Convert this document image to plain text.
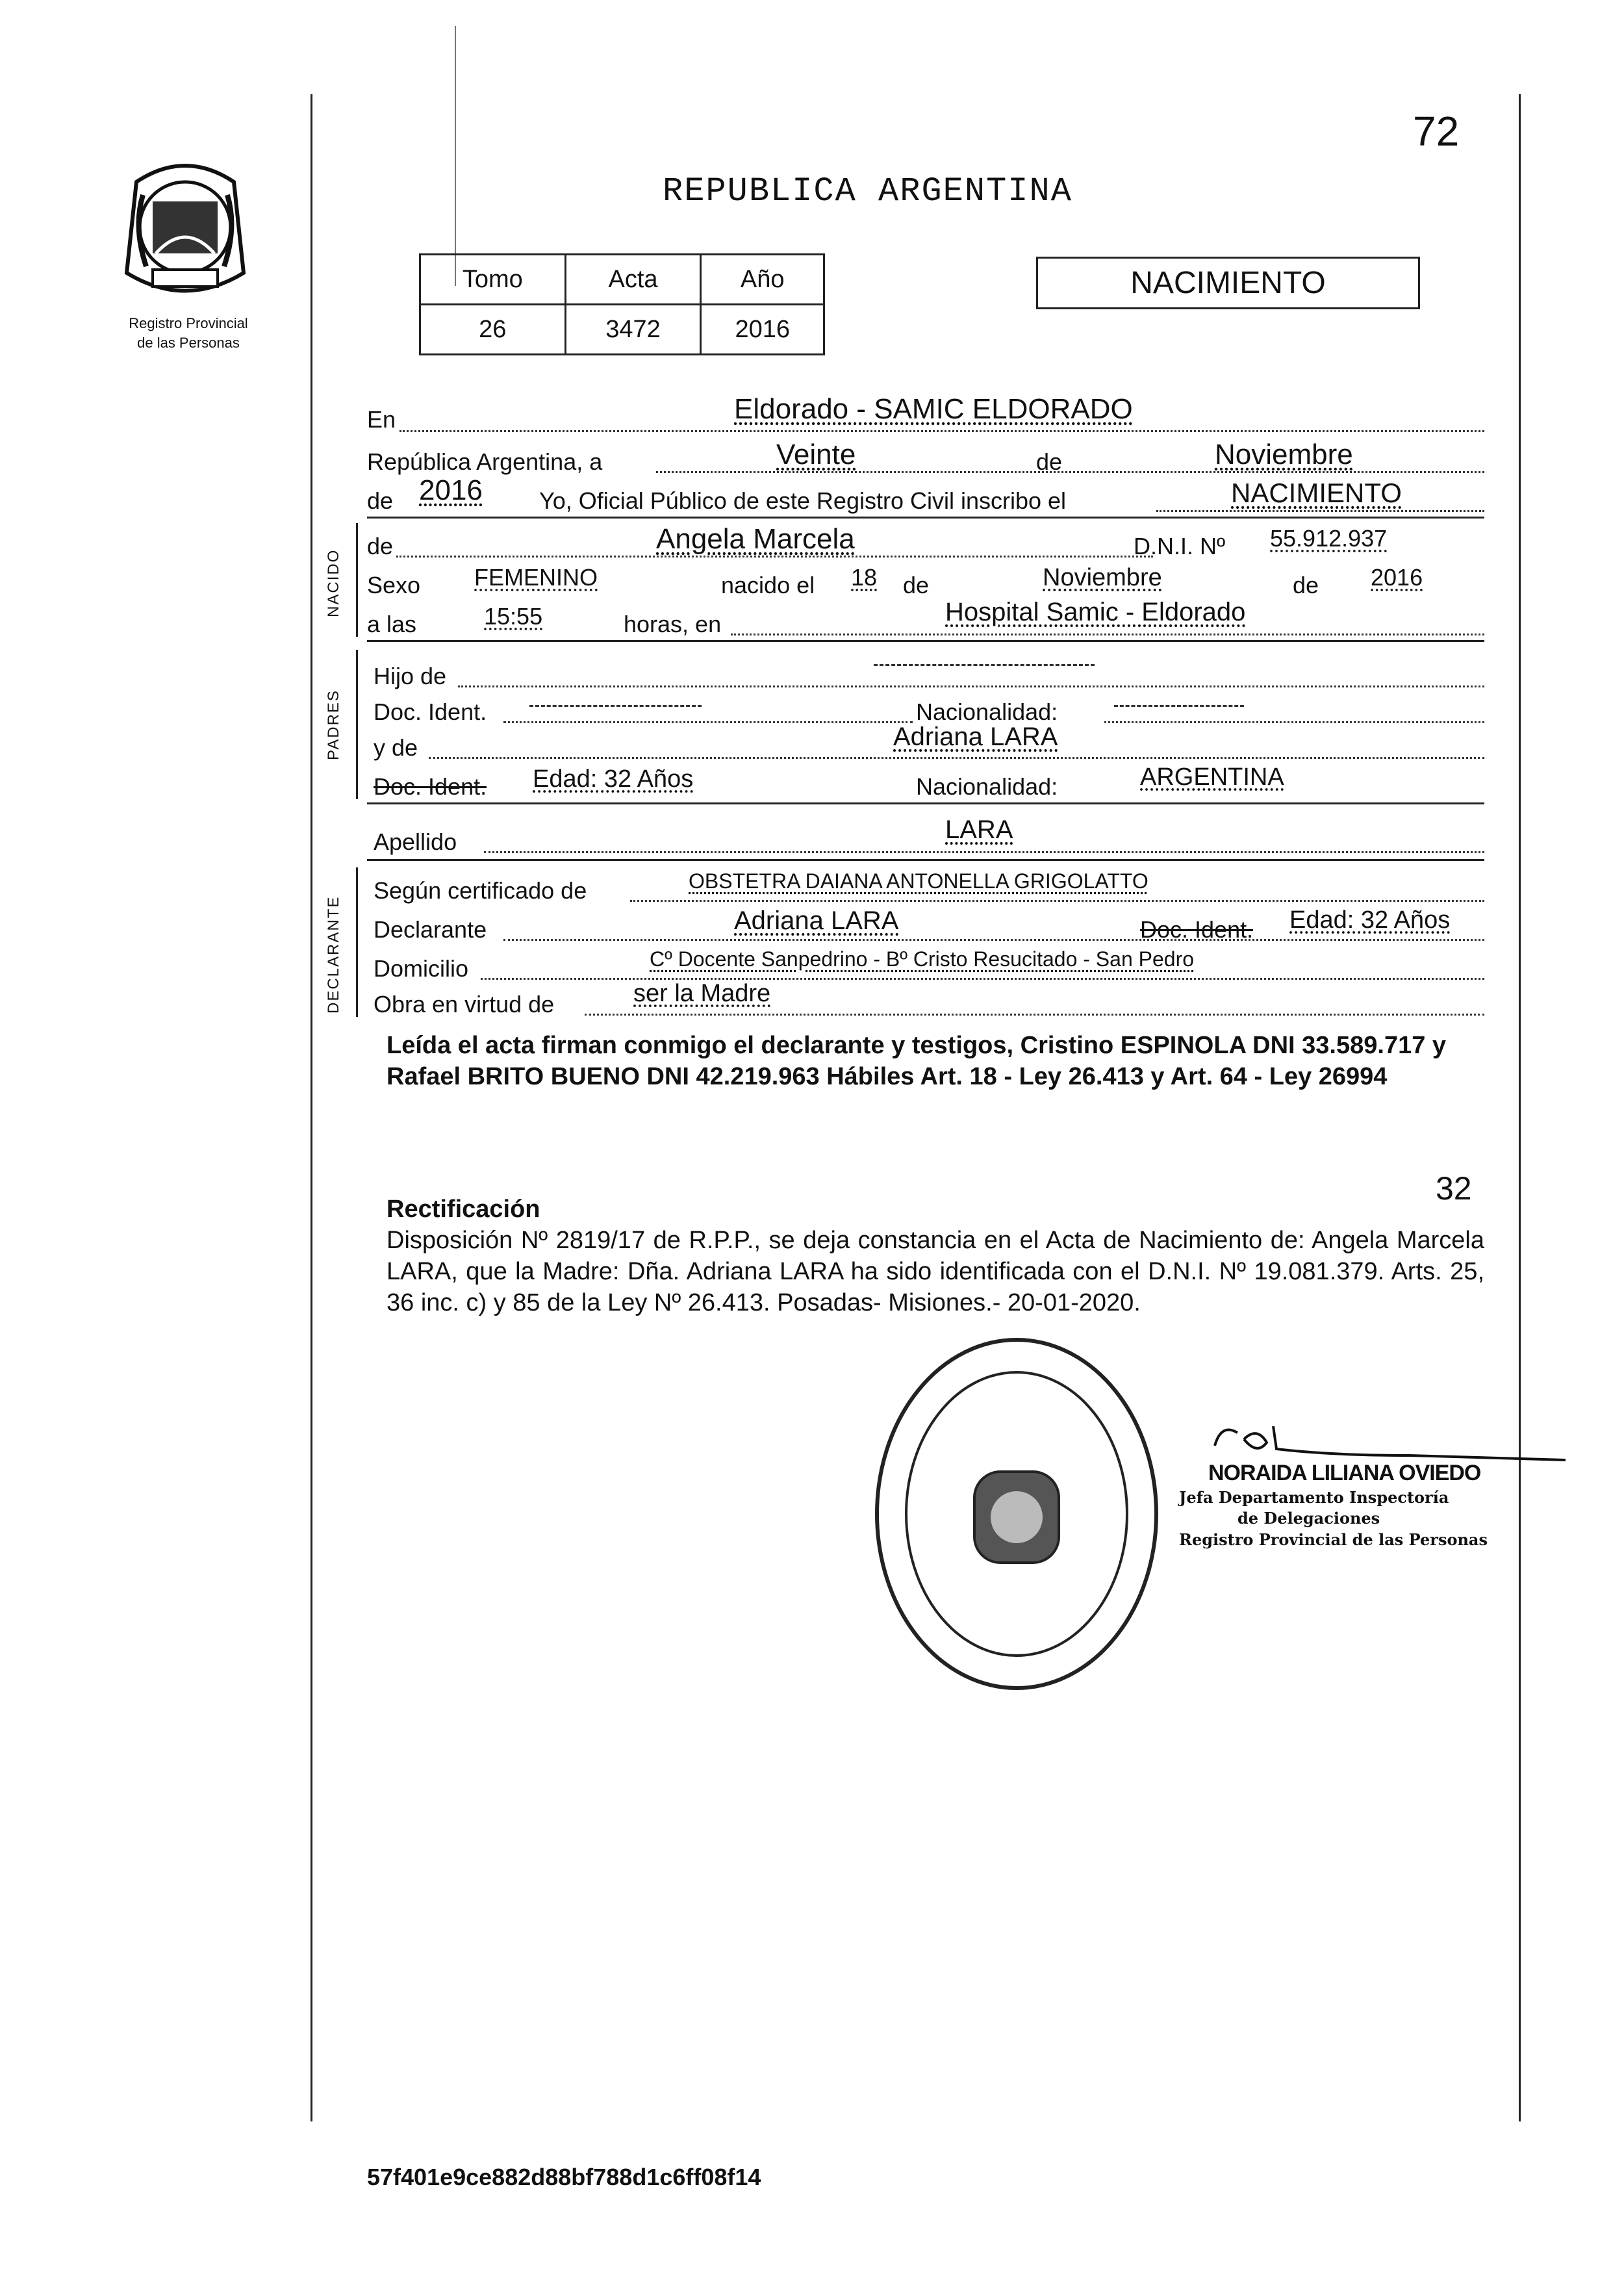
Registro Provincial
de las Personas
72
REPUBLICA ARGENTINA
Tomo	Acta	Año
26	3472	2016
NACIMIENTO
En	Eldorado - SAMIC ELDORADO
República Argentina, a	Veinte	de	Noviembre
de 2016 Yo, Oficial Público de este Registro Civil inscribo el	NACIMIENTO
NACIDO
de	Angela Marcela	D.N.I. Nº 55.912.937
Sexo FEMENINO	nacido el 18 de	Noviembre	de 2016
a las	15:55	horas, en	Hospital Samic - Eldorado
PADRES
Hijo de
Doc. Ident.	Nacionalidad:
y de	Adriana LARA
Doc. Ident. Edad: 32 Años	Nacionalidad:	ARGENTINA
Apellido	LARA
DECLARANTE
Según certificado de	OBSTETRA DAIANA ANTONELLA GRIGOLATTO
Declarante	Adriana LARA	Doc. Ident. Edad: 32 Años
Domicilio	Cº Docente Sanpedrino - Bº Cristo Resucitado - San Pedro
Obra en virtud de	ser la Madre
Leída el acta firman conmigo el declarante y testigos, Cristino ESPINOLA DNI 33.589.717 y Rafael BRITO BUENO DNI 42.219.963 Hábiles Art. 18 - Ley 26.413 y Art. 64 - Ley 26994
32
Rectificación
Disposición Nº 2819/17 de R.P.P., se deja constancia en el Acta de Nacimiento de: Angela Marcela LARA, que la Madre: Dña. Adriana LARA ha sido identificada con el D.N.I. Nº 19.081.379. Arts. 25, 36 inc. c) y 85 de la Ley Nº 26.413. Posadas- Misiones.- 20-01-2020.
NORAIDA LILIANA OVIEDO
Jefa Departamento Inspectoría
de Delegaciones
Registro Provincial de las Personas
57f401e9ce882d88bf788d1c6ff08f14
